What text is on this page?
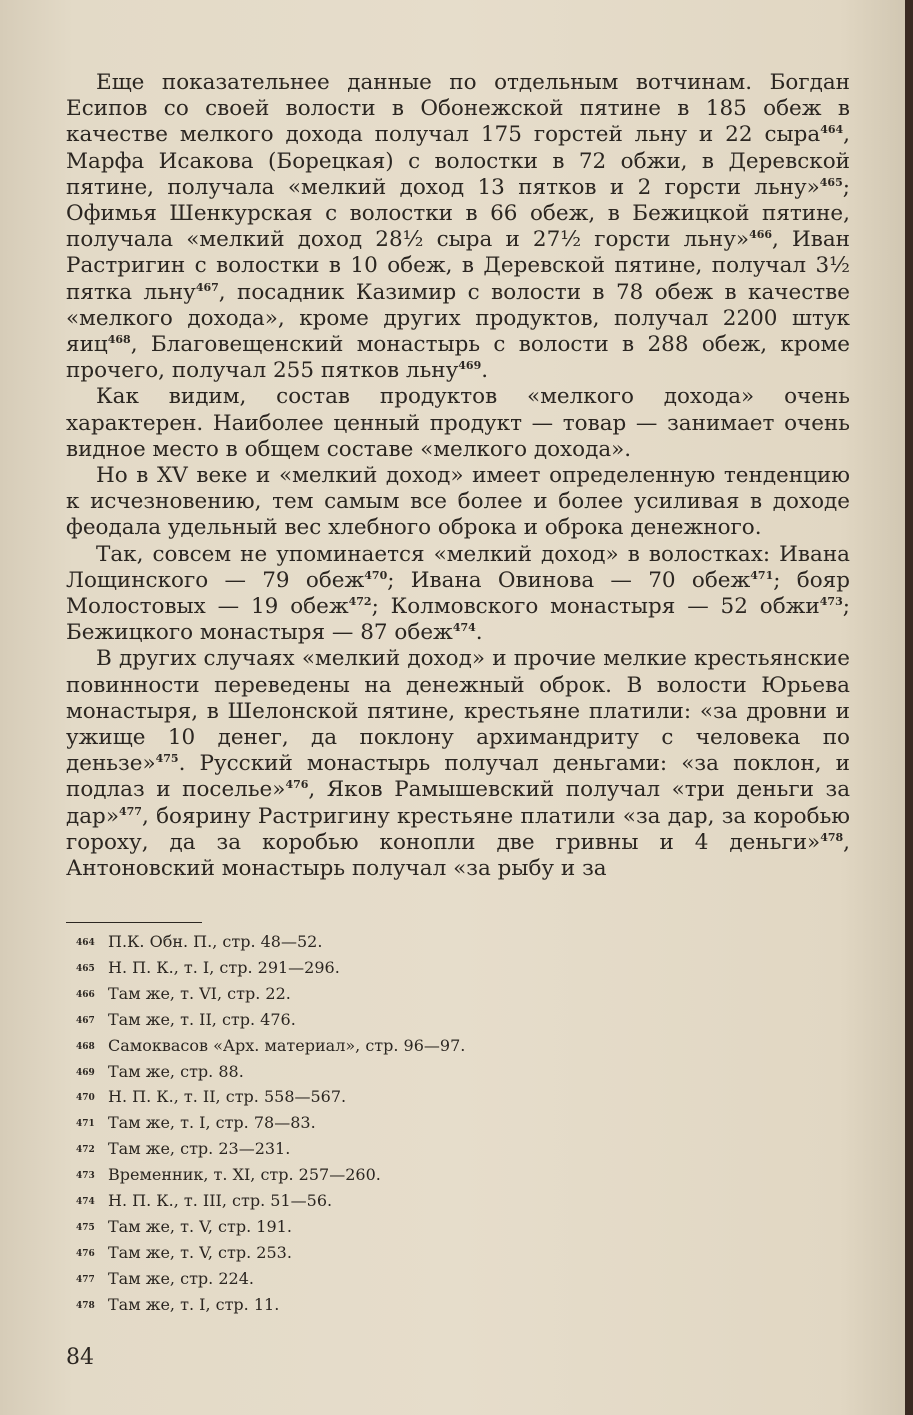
Еще показательнее данные по отдельным вотчинам. Богдан Есипов со своей волости в Обонежской пятине в 185 обеж в качестве мелкого дохода получал 175 горстей льну и 22 сыра$^{464}$, Марфа Исакова (Борецкая) с волостки в 72 обжи, в Деревской пятине, получала «мелкий доход 13 пятков и 2 горсти льну»$^{465}$; Офимья Шенкурская с волостки в 66 обеж, в Бежицкой пятине, получала «мелкий доход 28½ сыра и 27½ горсти льну»$^{466}$, Иван Растригин с волостки в 10 обеж, в Деревской пятине, получал 3½ пятка льну$^{467}$, посадник Казимир с волости в 78 обеж в качестве «мелкого дохода», кроме других продуктов, получал 2200 штук яиц$^{468}$, Благовещенский монастырь с волости в 288 обеж, кроме прочего, получал 255 пятков льну$^{469}$.

Как видим, состав продуктов «мелкого дохода» очень характерен. Наиболее ценный продукт — товар — занимает очень видное место в общем составе «мелкого дохода».

Но в XV веке и «мелкий доход» имеет определенную тенденцию к исчезновению, тем самым все более и более усиливая в доходе феодала удельный вес хлебного оброка и оброка денежного.

Так, совсем не упоминается «мелкий доход» в волостках: Ивана Лощинского — 79 обеж$^{470}$; Ивана Овинова — 70 обеж$^{471}$; бояр Молостовых — 19 обеж$^{472}$; Колмовского монастыря — 52 обжи$^{473}$; Бежицкого монастыря — 87 обеж$^{474}$.

В других случаях «мелкий доход» и прочие мелкие крестьянские повинности переведены на денежный оброк. В волости Юрьева монастыря, в Шелонской пятине, крестьяне платили: «за дровни и ужище 10 денег, да поклону архимандриту с человека по деньзе»$^{475}$. Русский монастырь получал деньгами: «за поклон, и подлаз и поселье»$^{476}$, Яков Рамышевский получал «три деньги за дар»$^{477}$, боярину Растригину крестьяне платили «за дар, за коробью гороху, да за коробью конопли две гривны и 4 деньги»$^{478}$, Антоновский монастырь получал «за рыбу и за

464 П.К. Обн. П., стр. 48—52.
465 Н. П. К., т. I, стр. 291—296.
466 Там же, т. VI, стр. 22.
467 Там же, т. II, стр. 476.
468 Самоквасов «Арх. материал», стр. 96—97.
469 Там же, стр. 88.
470 Н. П. К., т. II, стр. 558—567.
471 Там же, т. I, стр. 78—83.
472 Там же, стр. 23—231.
473 Временник, т. XI, стр. 257—260.
474 Н. П. К., т. III, стр. 51—56.
475 Там же, т. V, стр. 191.
476 Там же, т. V, стр. 253.
477 Там же, стр. 224.
478 Там же, т. I, стр. 11.
84
